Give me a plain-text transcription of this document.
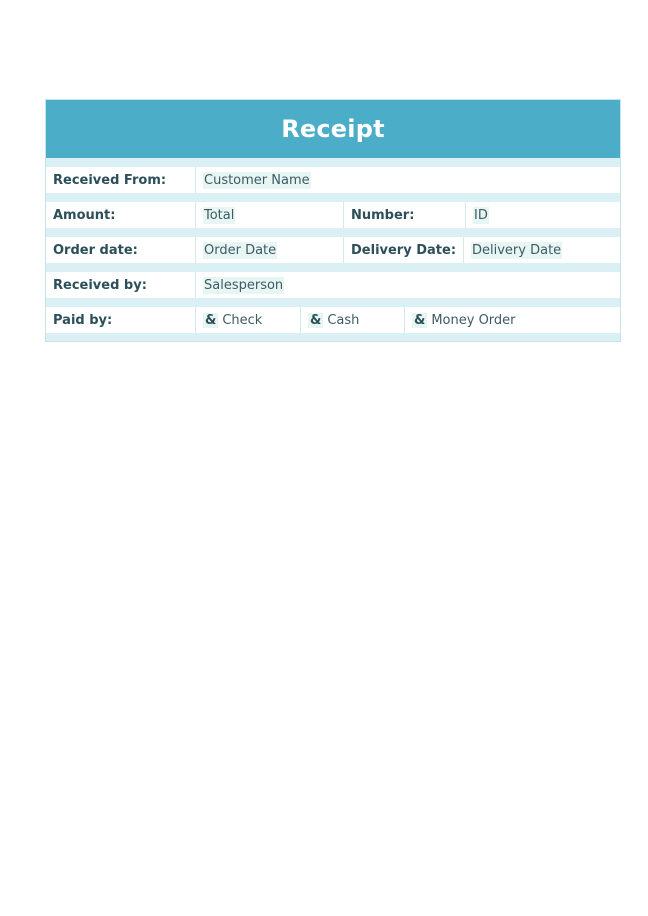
Receipt
Received From:	Customer Name
Amount:	Total	Number:	ID
Order date:	Order Date	Delivery Date:	Delivery Date
Received by:	Salesperson
Paid by:	& Check	& Cash	& Money Order
